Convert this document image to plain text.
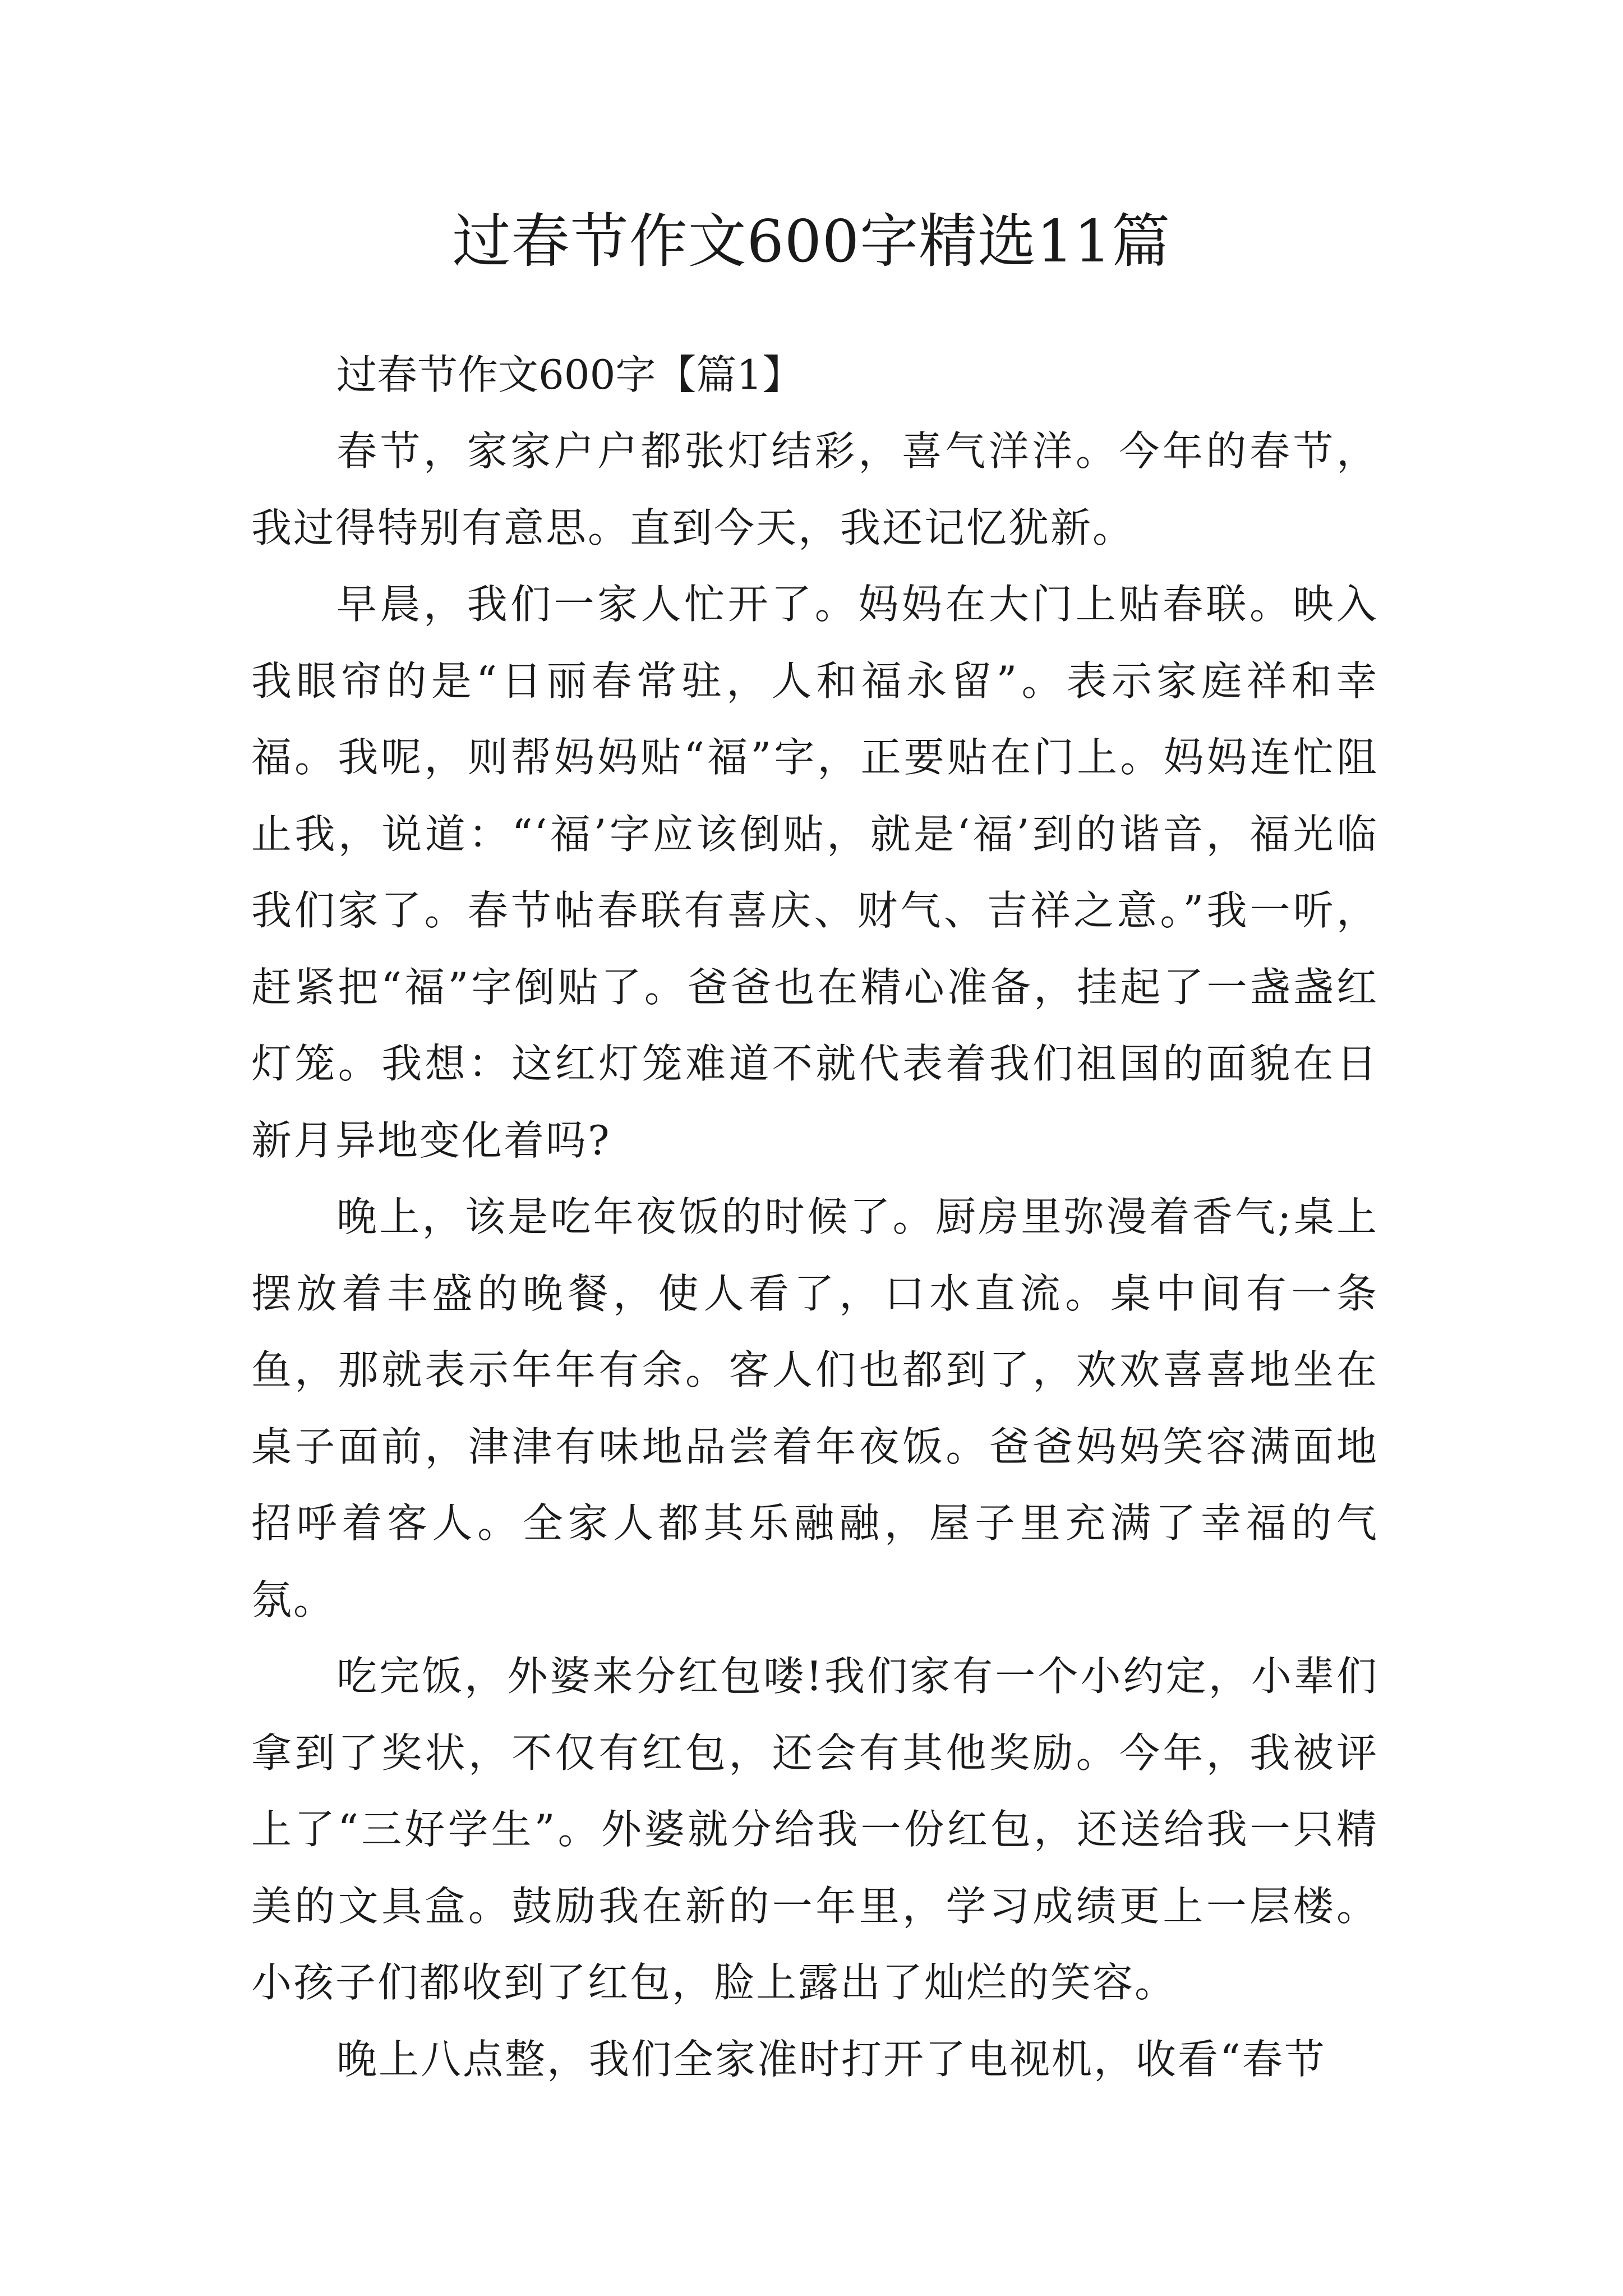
过春节作文600字精选11篇

过春节作文600字【篇1】

春节，家家户户都张灯结彩，喜气洋洋。今年的春节，我过得特别有意思。直到今天，我还记忆犹新。

早晨，我们一家人忙开了。妈妈在大门上贴春联。映入我眼帘的是“日丽春常驻，人和福永留”。表示家庭祥和幸福。我呢，则帮妈妈贴“福”字，正要贴在门上。妈妈连忙阻止我，说道：“‘福’字应该倒贴，就是‘福’到的谐音，福光临我们家了。春节帖春联有喜庆、财气、吉祥之意。”我一听，赶紧把“福”字倒贴了。爸爸也在精心准备，挂起了一盏盏红灯笼。我想：这红灯笼难道不就代表着我们祖国的面貌在日新月异地变化着吗?

晚上，该是吃年夜饭的时候了。厨房里弥漫着香气;桌上摆放着丰盛的晚餐，使人看了，口水直流。桌中间有一条鱼，那就表示年年有余。客人们也都到了，欢欢喜喜地坐在桌子面前，津津有味地品尝着年夜饭。爸爸妈妈笑容满面地招呼着客人。全家人都其乐融融，屋子里充满了幸福的气氛。

吃完饭，外婆来分红包喽!我们家有一个小约定，小辈们拿到了奖状，不仅有红包，还会有其他奖励。今年，我被评上了“三好学生”。外婆就分给我一份红包，还送给我一只精美的文具盒。鼓励我在新的一年里，学习成绩更上一层楼。小孩子们都收到了红包，脸上露出了灿烂的笑容。

晚上八点整，我们全家准时打开了电视机，收看“春节
